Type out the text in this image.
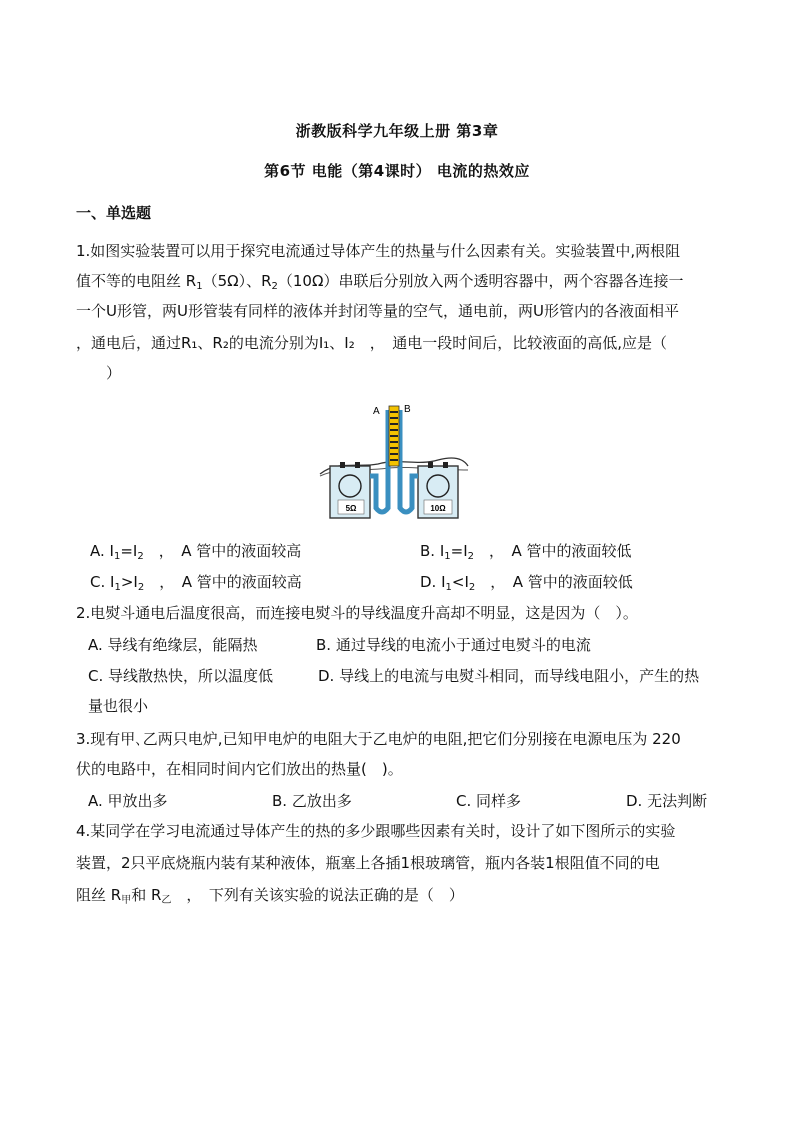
浙教版科学九年级上册 第3章
第6节 电能（第4课时） 电流的热效应
一、单选题
1.如图实验装置可以用于探究电流通过导体产生的热量与什么因素有关。实验装置中,两根阻
值不等的电阻丝 $R_1(5\Omega)$、$R_2(10\Omega)$串联后分别放入两个透明容器中，两个容器各连接一
一个U形管，两U形管装有同样的液体并封闭等量的空气，通电前，两U形管内的各液面相平
，通电后，通过R₁、R₂的电流分别为I₁、I₂　，　通电一段时间后，比较液面的高低,应是（
　　）
5Ω	10Ω
A B
A. $I_1=I_2$　，　A 管中的液面较高	B. $I_1=I_2$　，　A 管中的液面较低
C. $I_1>I_2$　，　A 管中的液面较高	D. $I_1<I_2$　，　A 管中的液面较低
2.电熨斗通电后温度很高，而连接电熨斗的导线温度升高却不明显，这是因为（　）。
A. 导线有绝缘层，能隔热	B. 通过导线的电流小于通过电熨斗的电流
C. 导线散热快，所以温度低	D. 导线上的电流与电熨斗相同，而导线电阻小，产生的热
量也很小
3.现有甲､乙两只电炉,已知甲电炉的电阻大于乙电炉的电阻,把它们分别接在电源电压为 220
伏的电路中，在相同时间内它们放出的热量(　)。
A. 甲放出多	B. 乙放出多	C. 同样多	D. 无法判断
4.某同学在学习电流通过导体产生的热的多少跟哪些因素有关时，设计了如下图所示的实验
装置，2只平底烧瓶内装有某种液体，瓶塞上各插1根玻璃管，瓶内各装1根阻值不同的电
阻丝 $R_甲$和 $R_乙$　，　下列有关该实验的说法正确的是（　）
